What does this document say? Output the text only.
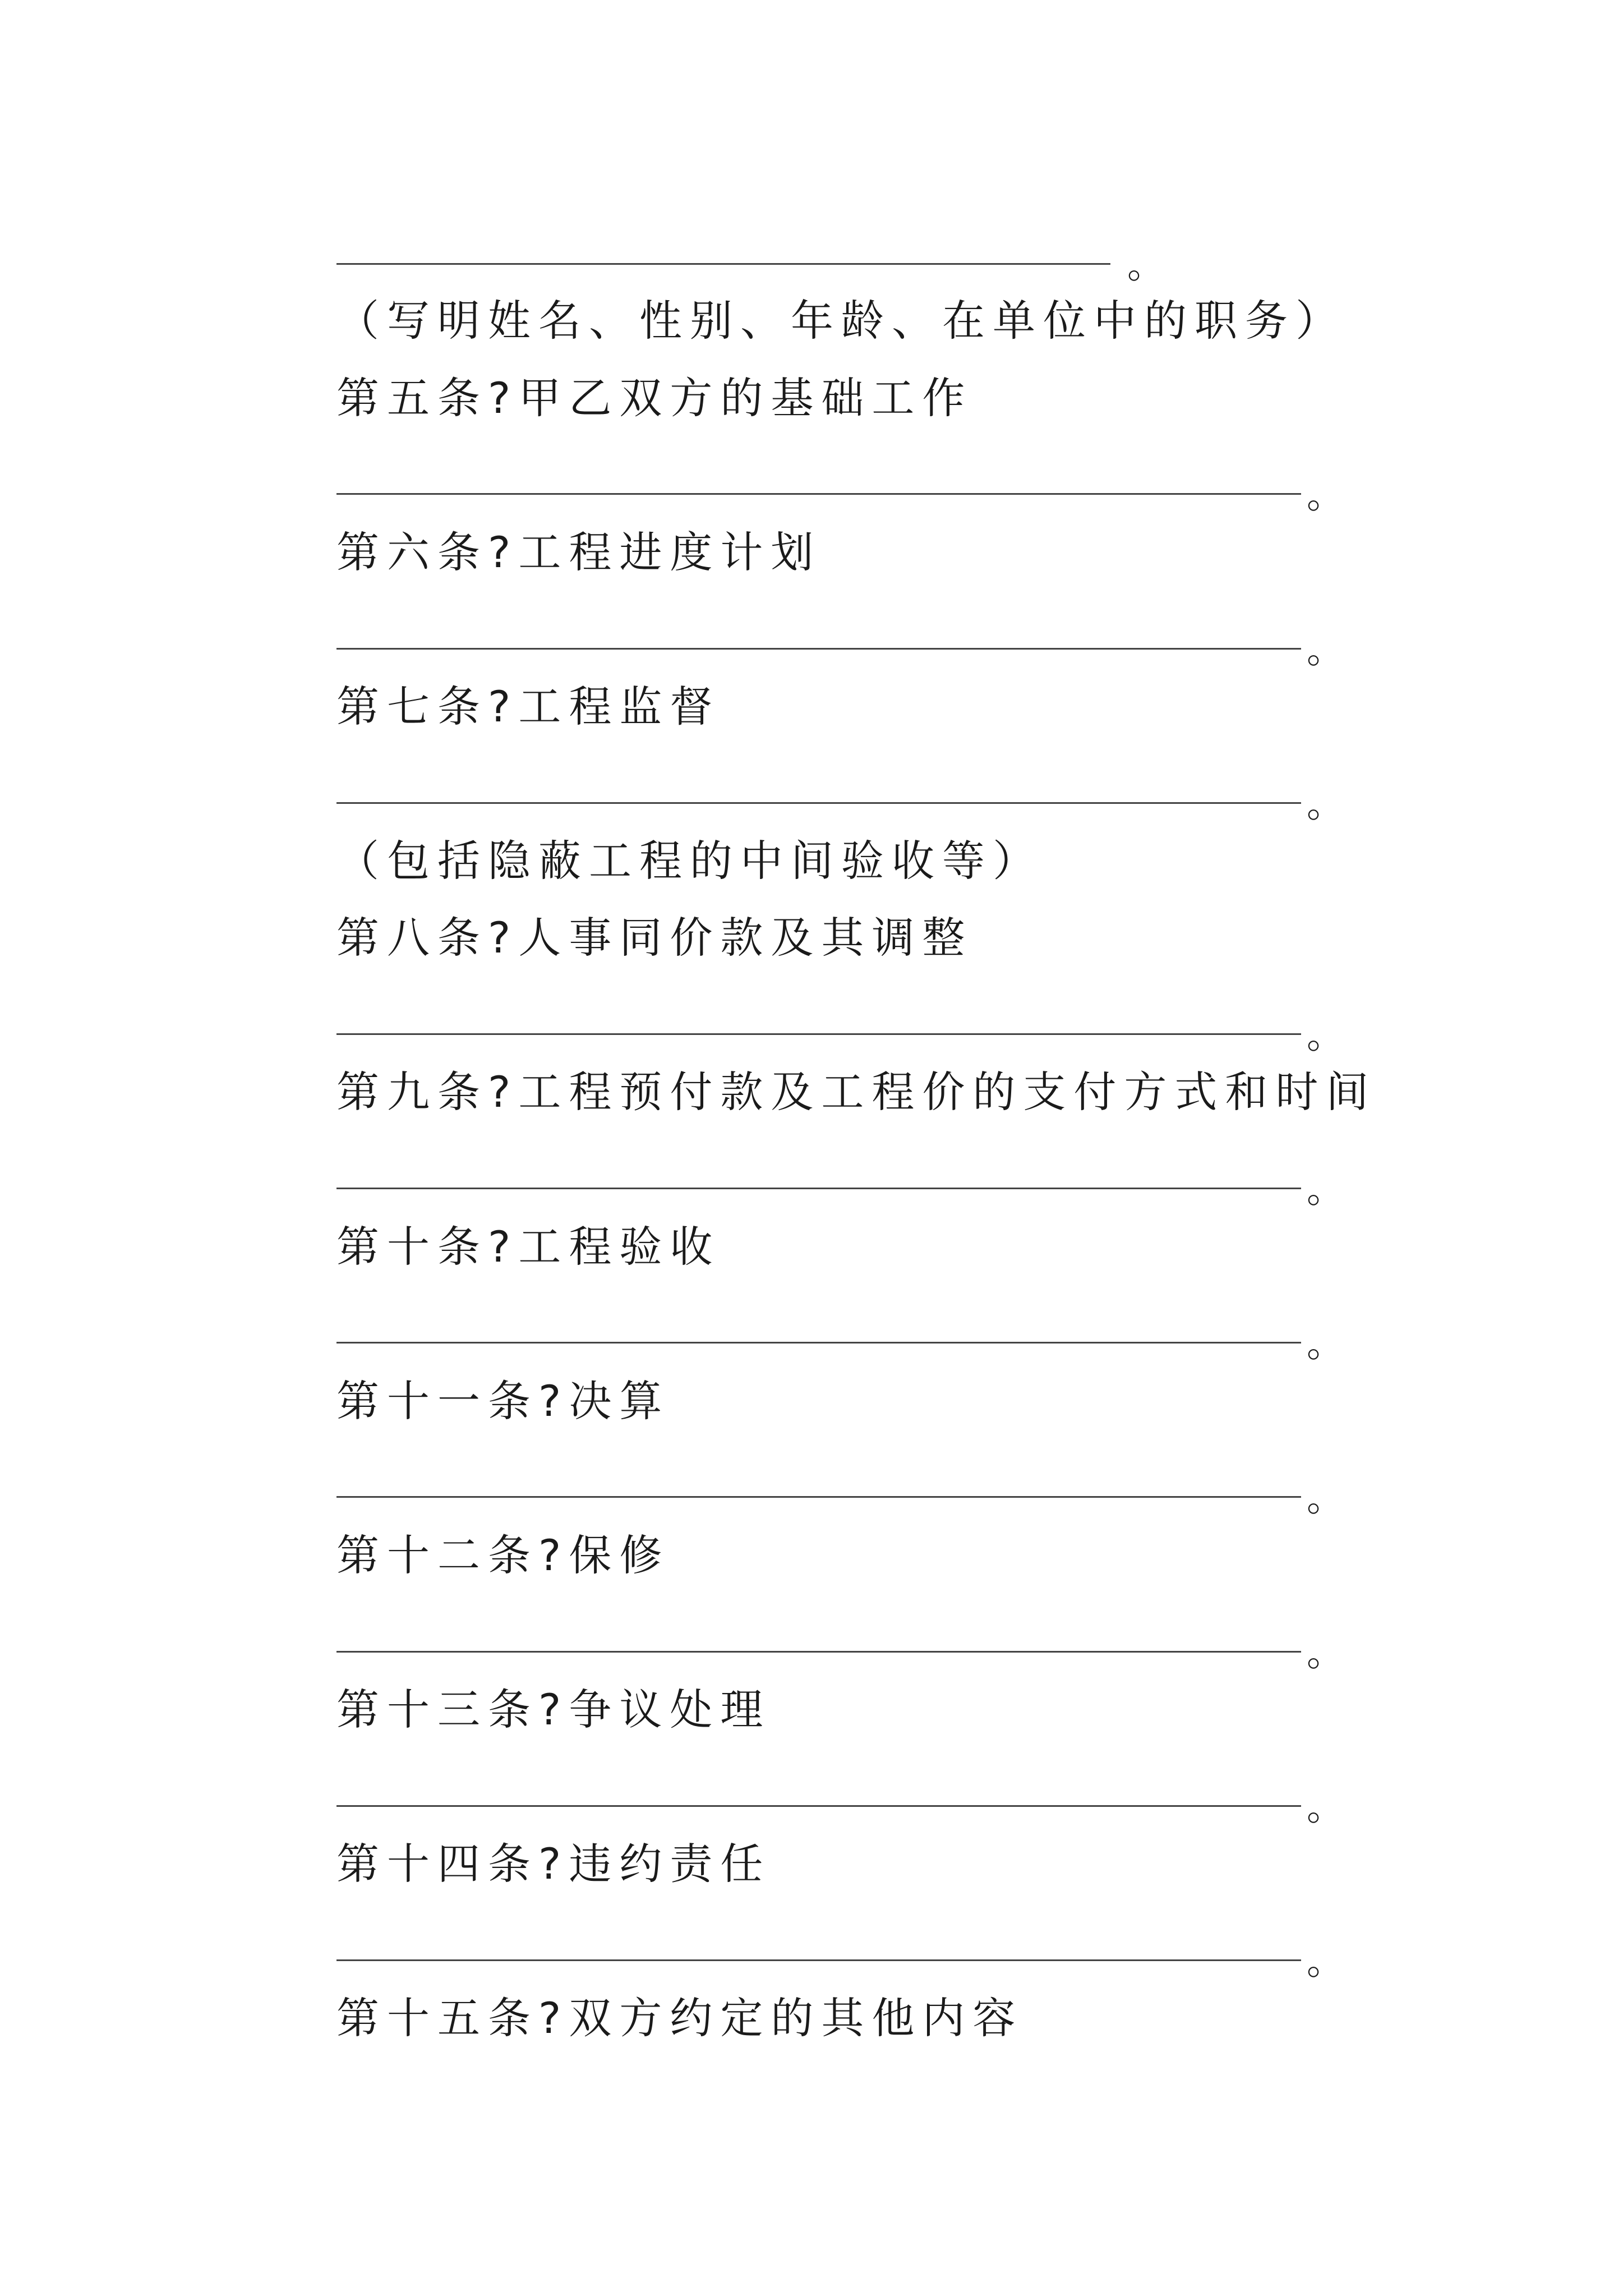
。
（写明姓名、性别、年龄、在单位中的职务）
第五条?甲乙双方的基础工作
。
第六条?工程进度计划
。
第七条?工程监督
。
（包括隐蔽工程的中间验收等）
第八条?人事同价款及其调整
。
第九条?工程预付款及工程价的支付方式和时间
。
第十条?工程验收
。
第十一条?决算
。
第十二条?保修
。
第十三条?争议处理
。
第十四条?违约责任
。
第十五条?双方约定的其他内容
